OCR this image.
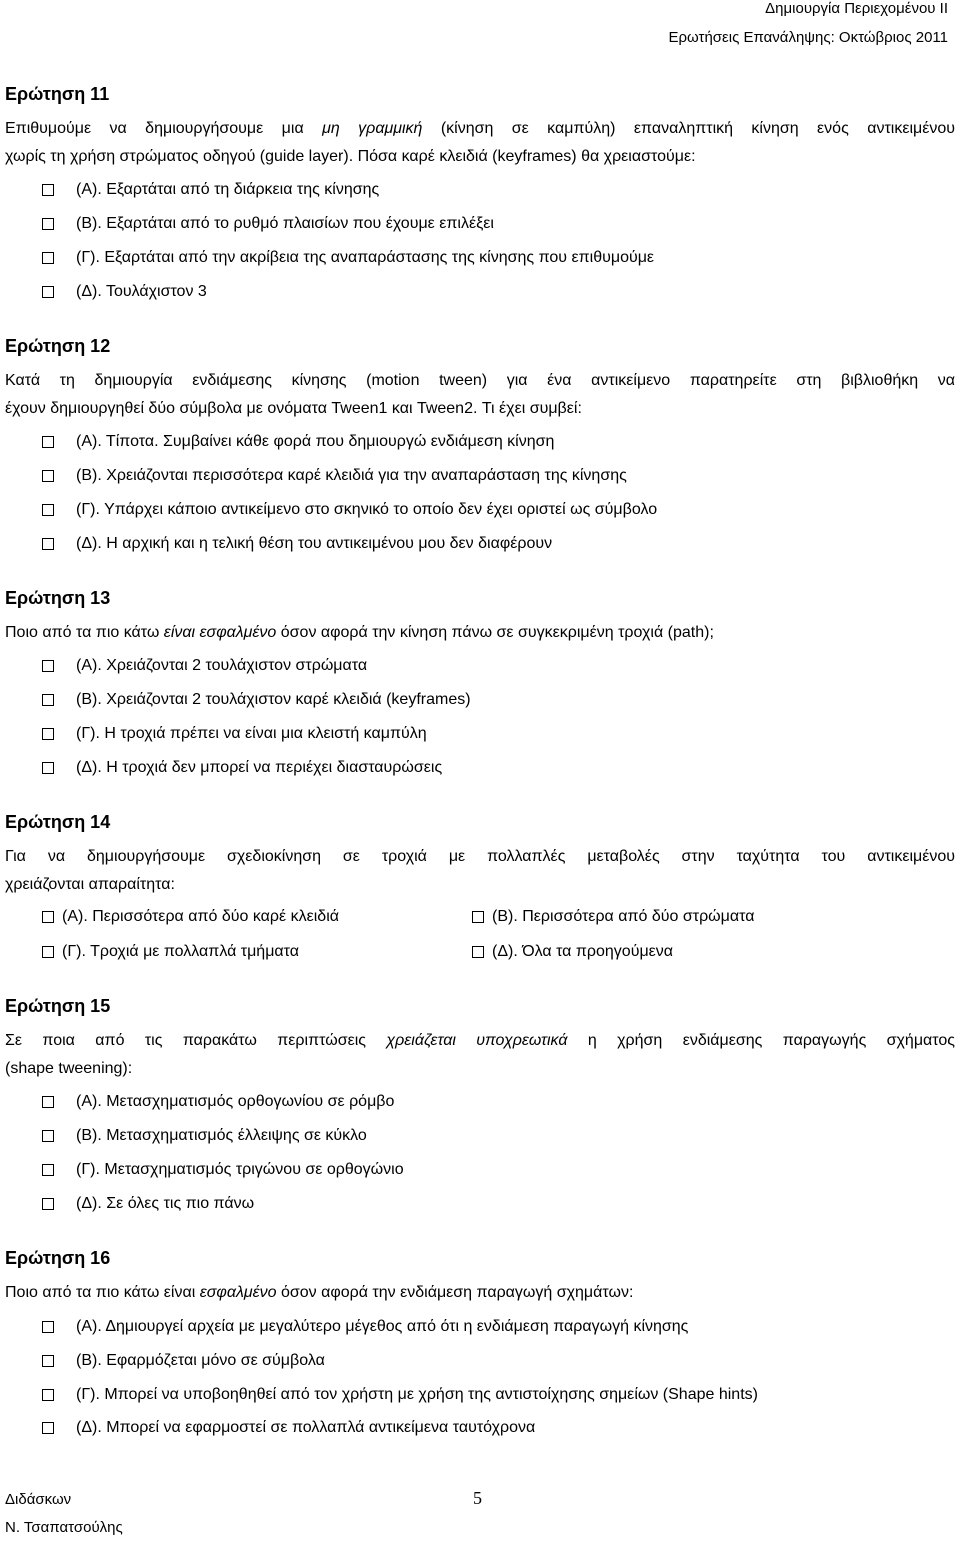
Δημιουργία Περιεχομένου ΙΙ
Ερωτήσεις Επανάληψης: Οκτώβριος 2011
Ερώτηση 11
Επιθυμούμε να δημιουργήσουμε μια μη γραμμική (κίνηση σε καμπύλη) επαναληπτική κίνηση ενός αντικειμένου
χωρίς τη χρήση στρώματος οδηγού (guide layer). Πόσα καρέ κλειδιά (keyframes) θα χρειαστούμε:
(Α). Εξαρτάται από τη διάρκεια της κίνησης
(Β). Εξαρτάται από το ρυθμό πλαισίων που έχουμε επιλέξει
(Γ). Εξαρτάται από την ακρίβεια της αναπαράστασης της κίνησης που επιθυμούμε
(Δ). Τουλάχιστον 3
Ερώτηση 12
Κατά τη δημιουργία ενδιάμεσης κίνησης (motion tween) για ένα αντικείμενο παρατηρείτε στη βιβλιοθήκη να
έχουν δημιουργηθεί δύο σύμβολα με ονόματα Tween1 και Tween2. Τι έχει συμβεί:
(Α). Τίποτα. Συμβαίνει κάθε φορά που δημιουργώ ενδιάμεση κίνηση
(Β). Χρειάζονται περισσότερα καρέ κλειδιά για την αναπαράσταση της κίνησης
(Γ). Υπάρχει κάποιο αντικείμενο στο σκηνικό το οποίο δεν έχει οριστεί ως σύμβολο
(Δ). Η αρχική και η τελική θέση του αντικειμένου μου δεν διαφέρουν
Ερώτηση 13
Ποιο από τα πιο κάτω είναι εσφαλμένο όσον αφορά την κίνηση πάνω σε συγκεκριμένη τροχιά (path);
(Α). Χρειάζονται 2 τουλάχιστον στρώματα
(Β). Χρειάζονται 2 τουλάχιστον καρέ κλειδιά (keyframes)
(Γ). Η τροχιά πρέπει να είναι μια κλειστή καμπύλη
(Δ). Η τροχιά δεν μπορεί να περιέχει διασταυρώσεις
Ερώτηση 14
Για να δημιουργήσουμε σχεδιοκίνηση σε τροχιά με πολλαπλές μεταβολές στην ταχύτητα του αντικειμένου
χρειάζονται απαραίτητα:
(Α). Περισσότερα από δύο καρέ κλειδιά	(Β). Περισσότερα από δύο στρώματα
(Γ). Τροχιά με πολλαπλά τμήματα	(Δ). Όλα τα προηγούμενα
Ερώτηση 15
Σε ποια από τις παρακάτω περιπτώσεις χρειάζεται υποχρεωτικά η χρήση ενδιάμεσης παραγωγής σχήματος
(shape tweening):
(Α). Μετασχηματισμός ορθογωνίου σε ρόμβο
(Β). Μετασχηματισμός έλλειψης σε κύκλο
(Γ). Μετασχηματισμός τριγώνου σε ορθογώνιο
(Δ). Σε όλες τις πιο πάνω
Ερώτηση 16
Ποιο από τα πιο κάτω είναι εσφαλμένο όσον αφορά την ενδιάμεση παραγωγή σχημάτων:
(Α). Δημιουργεί αρχεία με μεγαλύτερο μέγεθος από ότι η ενδιάμεση παραγωγή κίνησης
(Β). Εφαρμόζεται μόνο σε σύμβολα
(Γ). Μπορεί να υποβοηθηθεί από τον χρήστη με χρήση της αντιστοίχησης σημείων (Shape hints)
(Δ). Μπορεί να εφαρμοστεί σε πολλαπλά αντικείμενα ταυτόχρονα
Διδάσκων
Ν. Τσαπατσούλης
5
